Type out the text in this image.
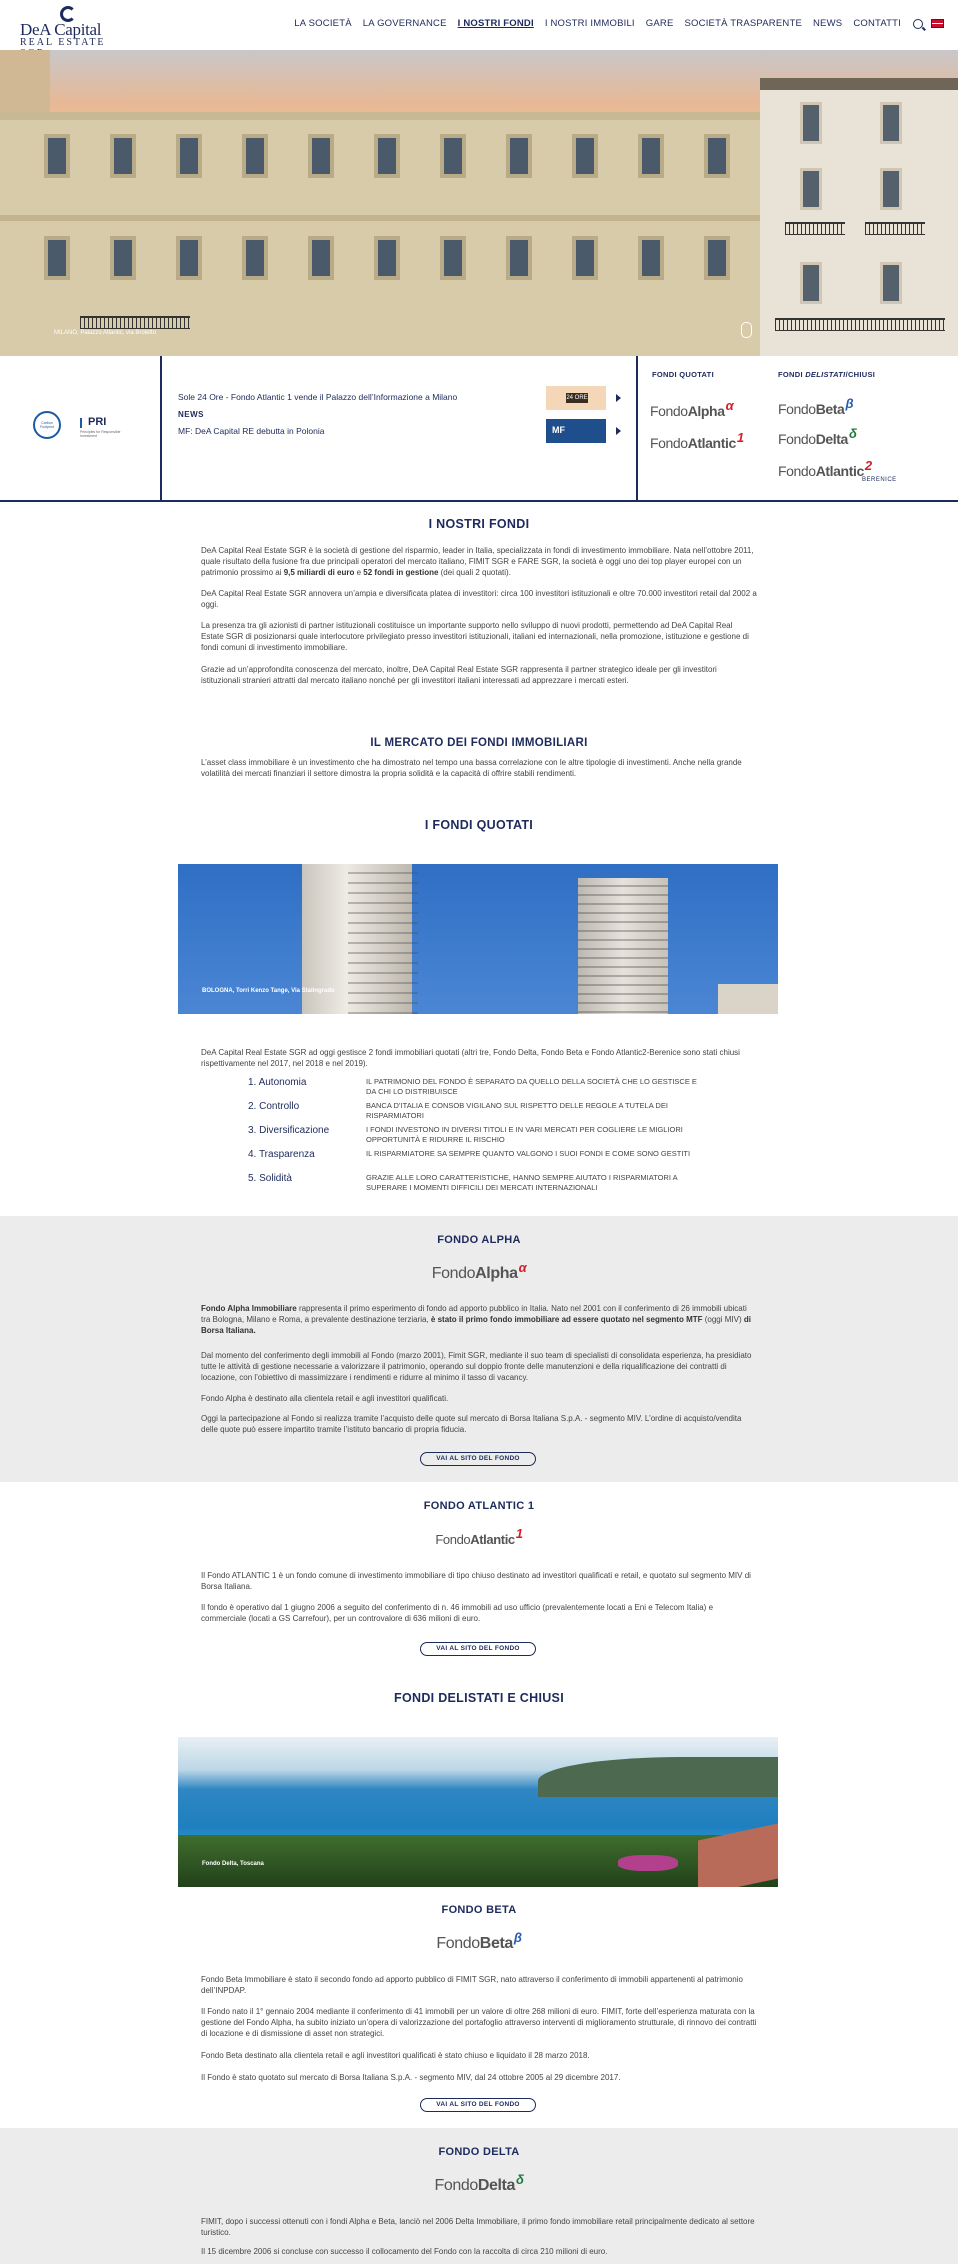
DeA Capital
REAL ESTATE
LA SOCIETÀ LA GOVERNANCE I NOSTRI FONDI I NOSTRI IMMOBILI GARE SOCIETÀ TRASPARENTE NEWS CONTATTI
MILANO, Palazzo Atlantic, via Broletto
Carbon Footprint	PRI
Principles for Responsible Investment
NEWS
Sole 24 Ore - Fondo Atlantic 1 vende il Palazzo dell’Informazione a Milano	24 ORE
MF: DeA Capital RE debutta in Polonia	MF
FONDI QUOTATI
FondoAlpha$^\alpha$
FondoAtlantic$^1$
FONDI DELISTATI/CHIUSI
FondoBeta$^\beta$
FondoDelta$^\delta$
FondoAtlantic$^2$
BERENICE
I NOSTRI FONDI

DeA Capital Real Estate SGR è la società di gestione del risparmio, leader in Italia, specializzata in fondi di investimento immobiliare. Nata nell’ottobre 2011, quale risultato della fusione fra due principali operatori del mercato italiano, FIMIT SGR e FARE SGR, la società è oggi uno dei top player europei con un patrimonio prossimo ai 9,5 miliardi di euro e 52 fondi in gestione (dei quali 2 quotati).

DeA Capital Real Estate SGR annovera un’ampia e diversificata platea di investitori: circa 100 investitori istituzionali e oltre 70.000 investitori retail dal 2002 a oggi.

La presenza tra gli azionisti di partner istituzionali costituisce un importante supporto nello sviluppo di nuovi prodotti, permettendo ad DeA Capital Real Estate SGR di posizionarsi quale interlocutore privilegiato presso investitori istituzionali, italiani ed internazionali, nella promozione, istituzione e gestione di fondi comuni di investimento immobiliare.

Grazie ad un’approfondita conoscenza del mercato, inoltre, DeA Capital Real Estate SGR rappresenta il partner strategico ideale per gli investitori istituzionali stranieri attratti dal mercato italiano nonché per gli investitori italiani interessati ad apprezzare i mercati esteri.

IL MERCATO DEI FONDI IMMOBILIARI

L’asset class immobiliare è un investimento che ha dimostrato nel tempo una bassa correlazione con le altre tipologie di investimenti. Anche nella grande volatilità dei mercati finanziari il settore dimostra la propria solidità e la capacità di offrire stabili rendimenti.

I FONDI QUOTATI
BOLOGNA, Torri Kenzo Tange, Via Stalingrado

DeA Capital Real Estate SGR ad oggi gestisce 2 fondi immobiliari quotati (altri tre, Fondo Delta, Fondo Beta e Fondo Atlantic2-Berenice sono stati chiusi rispettivamente nel 2017, nel 2018 e nel 2019).

1. Autonomia	IL PATRIMONIO DEL FONDO È SEPARATO DA QUELLO DELLA SOCIETÀ CHE LO GESTISCE E DA CHI LO DISTRIBUISCE
2. Controllo	BANCA D’ITALIA E CONSOB VIGILANO SUL RISPETTO DELLE REGOLE A TUTELA DEI RISPARMIATORI
3. Diversificazione	I FONDI INVESTONO IN DIVERSI TITOLI E IN VARI MERCATI PER COGLIERE LE MIGLIORI OPPORTUNITÀ E RIDURRE IL RISCHIO
4. Trasparenza	IL RISPARMIATORE SA SEMPRE QUANTO VALGONO I SUOI FONDI E COME SONO GESTITI
5. Solidità	GRAZIE ALLE LORO CARATTERISTICHE, HANNO SEMPRE AIUTATO I RISPARMIATORI A SUPERARE I MOMENTI DIFFICILI DEI MERCATI INTERNAZIONALI
FONDO ALPHA
FondoAlpha$^\alpha$

Fondo Alpha Immobiliare rappresenta il primo esperimento di fondo ad apporto pubblico in Italia. Nato nel 2001 con il conferimento di 26 immobili ubicati tra Bologna, Milano e Roma, a prevalente destinazione terziaria, è stato il primo fondo immobiliare ad essere quotato nel segmento MTF (oggi MIV) di Borsa Italiana.

Dal momento del conferimento degli immobili al Fondo (marzo 2001), Fimit SGR, mediante il suo team di specialisti di consolidata esperienza, ha presidiato tutte le attività di gestione necessarie a valorizzare il patrimonio, operando sul doppio fronte delle manutenzioni e della riqualificazione dei contratti di locazione, con l’obiettivo di massimizzare i rendimenti e ridurre al minimo il tasso di vacancy.

Fondo Alpha è destinato alla clientela retail e agli investitori qualificati.

Oggi la partecipazione al Fondo si realizza tramite l’acquisto delle quote sul mercato di Borsa Italiana S.p.A. - segmento MIV. L’ordine di acquisto/vendita delle quote può essere impartito tramite l’istituto bancario di propria fiducia.

VAI AL SITO DEL FONDO
FONDO ATLANTIC 1
FondoAtlantic$^1$

Il Fondo ATLANTIC 1 è un fondo comune di investimento immobiliare di tipo chiuso destinato ad investitori qualificati e retail, e quotato sul segmento MIV di Borsa Italiana.

Il fondo è operativo dal 1 giugno 2006 a seguito del conferimento di n. 46 immobili ad uso ufficio (prevalentemente locati a Eni e Telecom Italia) e commerciale (locati a GS Carrefour), per un controvalore di 636 milioni di euro.

VAI AL SITO DEL FONDO
FONDI DELISTATI E CHIUSI
Fondo Delta, Toscana
FONDO BETA
FondoBeta$^\beta$

Fondo Beta Immobiliare è stato il secondo fondo ad apporto pubblico di FIMIT SGR, nato attraverso il conferimento di immobili appartenenti al patrimonio dell’INPDAP.

Il Fondo nato il 1° gennaio 2004 mediante il conferimento di 41 immobili per un valore di oltre 268 milioni di euro. FIMIT, forte dell’esperienza maturata con la gestione del Fondo Alpha, ha subito iniziato un’opera di valorizzazione del portafoglio attraverso interventi di miglioramento strutturale, di rinnovo dei contratti di locazione e di dismissione di asset non strategici.

Fondo Beta destinato alla clientela retail e agli investitori qualificati è stato chiuso e liquidato il 28 marzo 2018.

Il Fondo è stato quotato sul mercato di Borsa Italiana S.p.A. - segmento MIV, dal 24 ottobre 2005 al 29 dicembre 2017.

VAI AL SITO DEL FONDO
FONDO DELTA
FondoDelta$^\delta$

FIMIT, dopo i successi ottenuti con i fondi Alpha e Beta, lanciò nel 2006 Delta Immobiliare, il primo fondo immobiliare retail principalmente dedicato al settore turistico.

Il 15 dicembre 2006 si concluse con successo il collocamento del Fondo con la raccolta di circa 210 milioni di euro.
